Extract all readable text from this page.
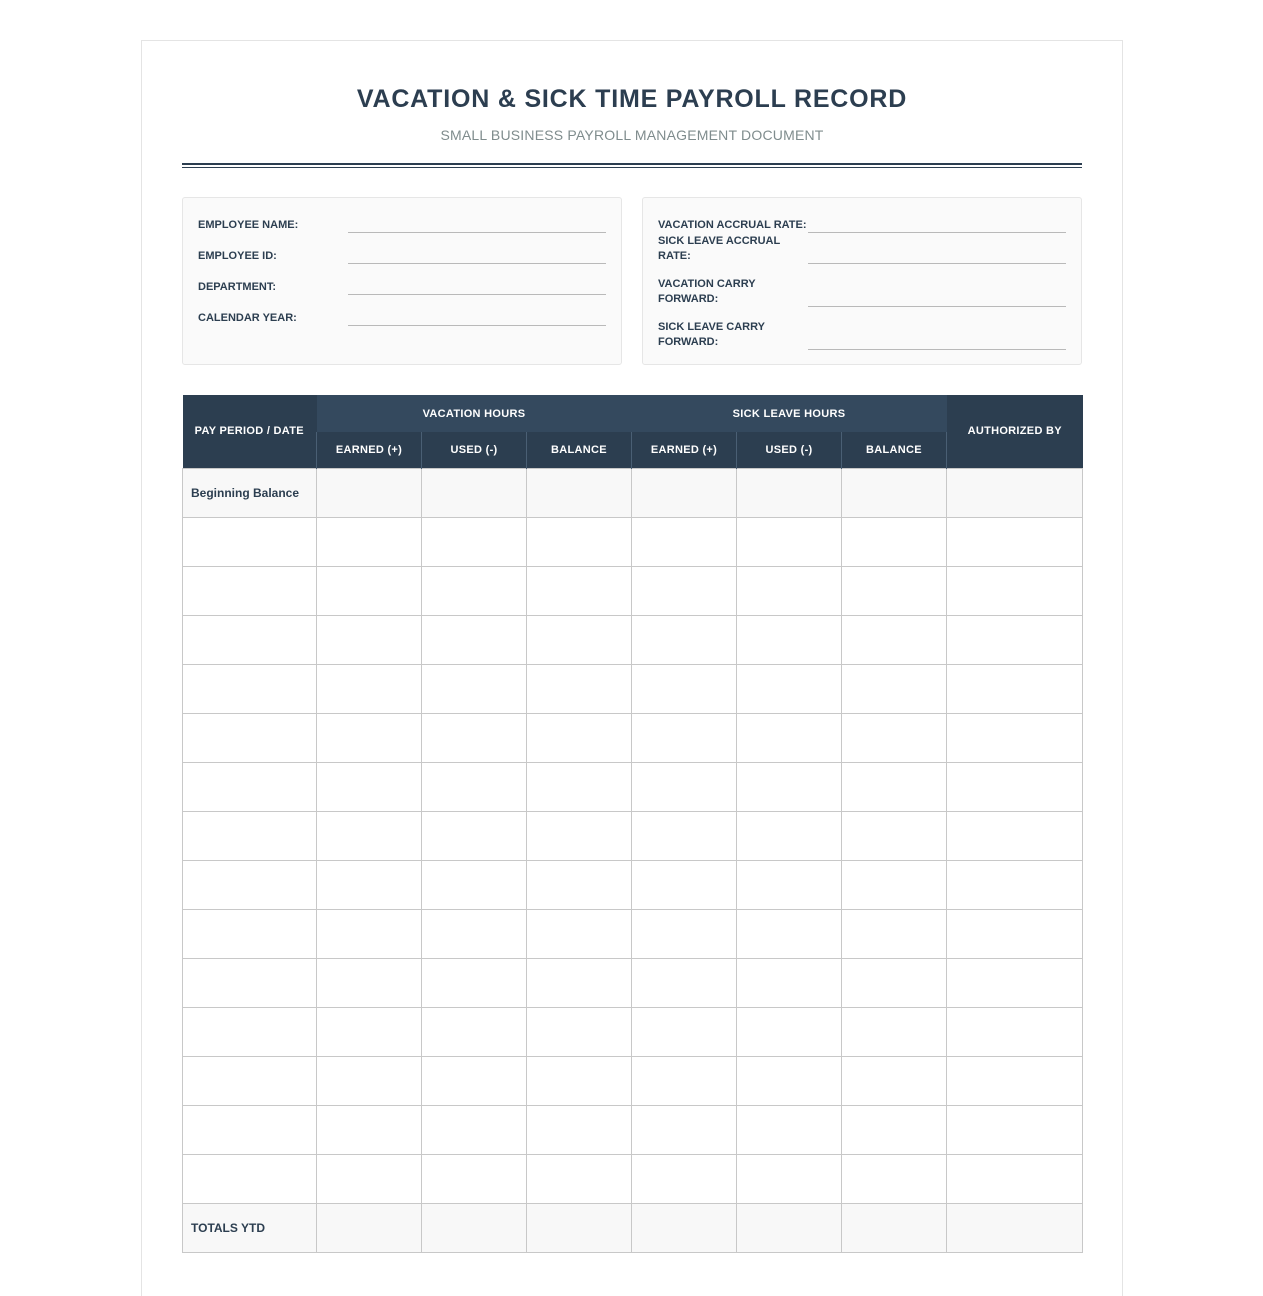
VACATION & SICK TIME PAYROLL RECORD
SMALL BUSINESS PAYROLL MANAGEMENT DOCUMENT
EMPLOYEE NAME:
EMPLOYEE ID:
DEPARTMENT:
CALENDAR YEAR:
VACATION ACCRUAL RATE:
SICK LEAVE ACCRUAL RATE:
VACATION CARRY FORWARD:
SICK LEAVE CARRY FORWARD:
PAY PERIOD / DATE	VACATION HOURS			SICK LEAVE HOURS			AUTHORIZED BY
	EARNED (+)	USED (-)	BALANCE	EARNED (+)	USED (-)	BALANCE	
Beginning Balance							

TOTALS YTD							
